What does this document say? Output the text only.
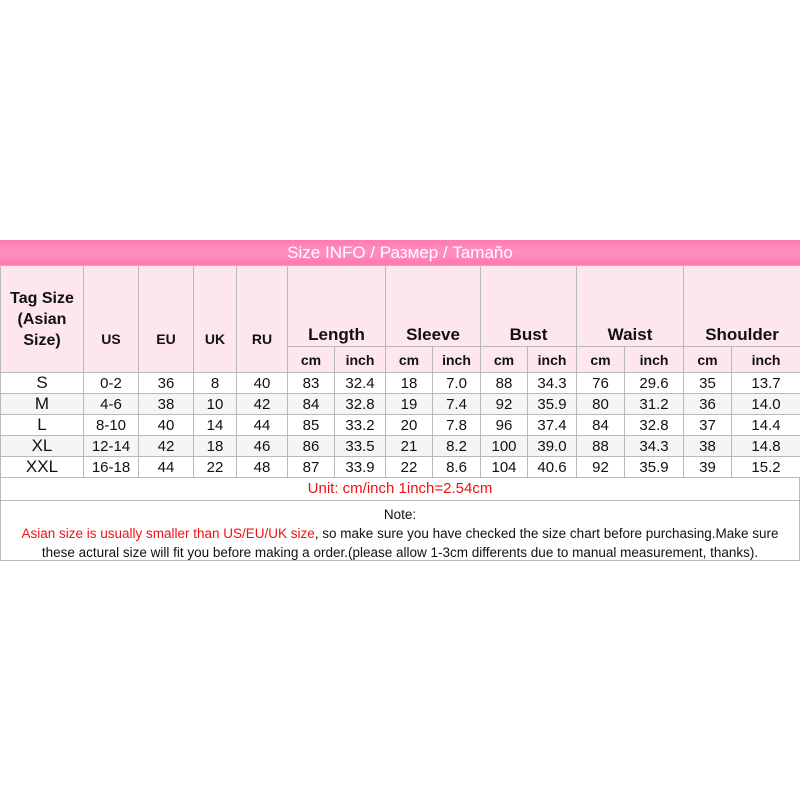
Size INFO / Размер / Tamaño
Tag Size
(Asian
Size)	US	EU	UK	RU	Length		Sleeve		Bust		Waist		Shoulder	
					cm	inch	cm	inch	cm	inch	cm	inch	cm	inch
S	0-2	36	8	40	83	32.4	18	7.0	88	34.3	76	29.6	35	13.7
M	4-6	38	10	42	84	32.8	19	7.4	92	35.9	80	31.2	36	14.0
L	8-10	40	14	44	85	33.2	20	7.8	96	37.4	84	32.8	37	14.4
XL	12-14	42	18	46	86	33.5	21	8.2	100	39.0	88	34.3	38	14.8
XXL	16-18	44	22	48	87	33.9	22	8.6	104	40.6	92	35.9	39	15.2
Unit: cm/inch 1inch=2.54cm
Note:
Asian size is usually smaller than US/EU/UK size, so make sure you have checked the size chart before purchasing.Make sure
these actural size will fit you before making a order.(please allow 1-3cm differents due to manual measurement, thanks).
